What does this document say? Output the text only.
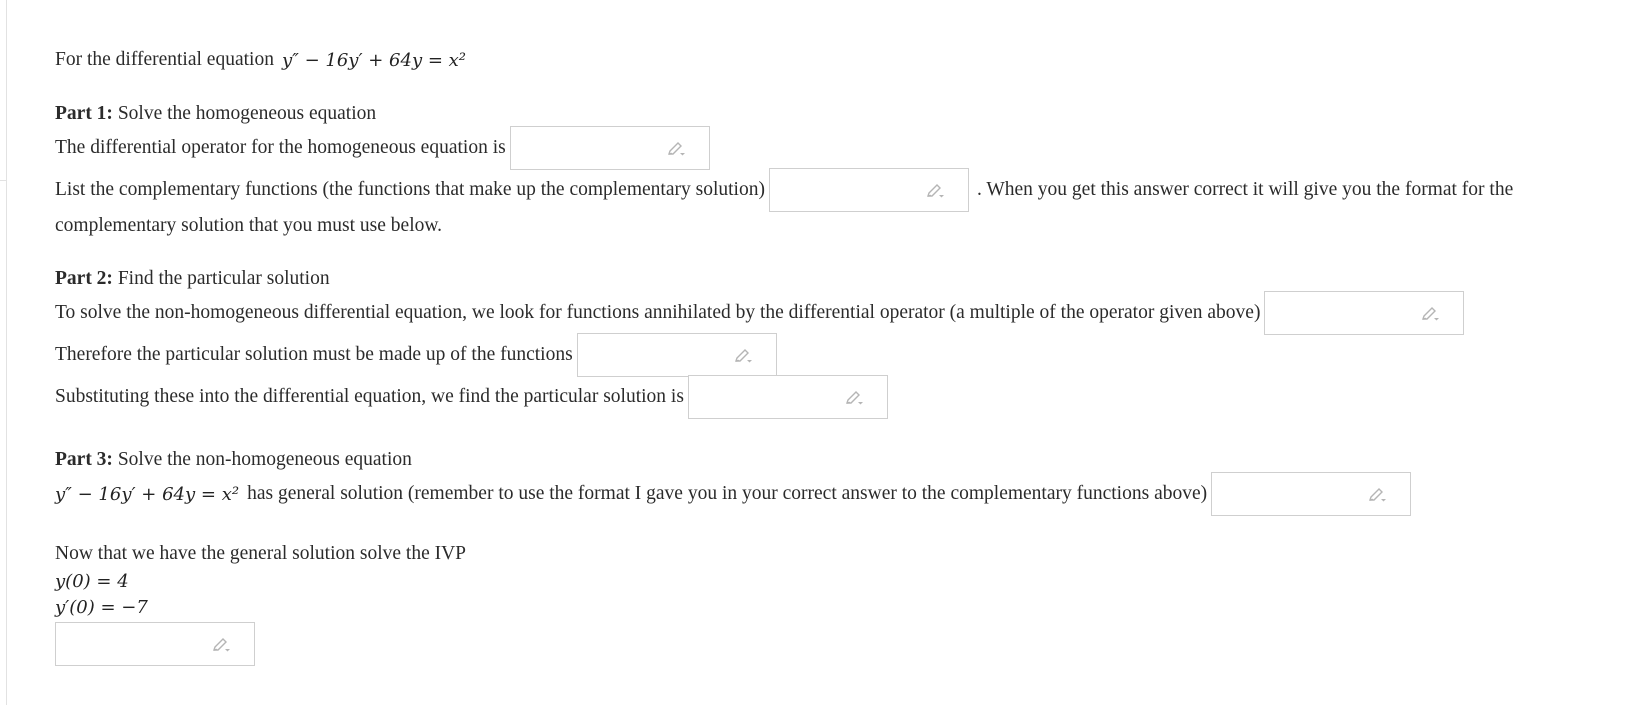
For the differential equation y″ − 16y′ + 64y = x²
Part 1:
Solve the homogeneous equation
The differential operator for the homogeneous equation is
List the complementary functions (the functions that make up the complementary solution)	. When you get this answer correct it will give you the format for the
complementary solution that you must use below.
Part 2:
Find the particular solution
To solve the non-homogeneous differential equation, we look for functions annihilated by the differential operator (a multiple of the operator given above)
Therefore the particular solution must be made up of the functions
Substituting these into the differential equation, we find the particular solution is
Part 3:
Solve the non-homogeneous equation
y″ − 16y′ + 64y = x² has general solution (remember to use the format I gave you in your correct answer to the complementary functions above)
Now that we have the general solution solve the IVP
y(0) = 4
y′(0) = −7
